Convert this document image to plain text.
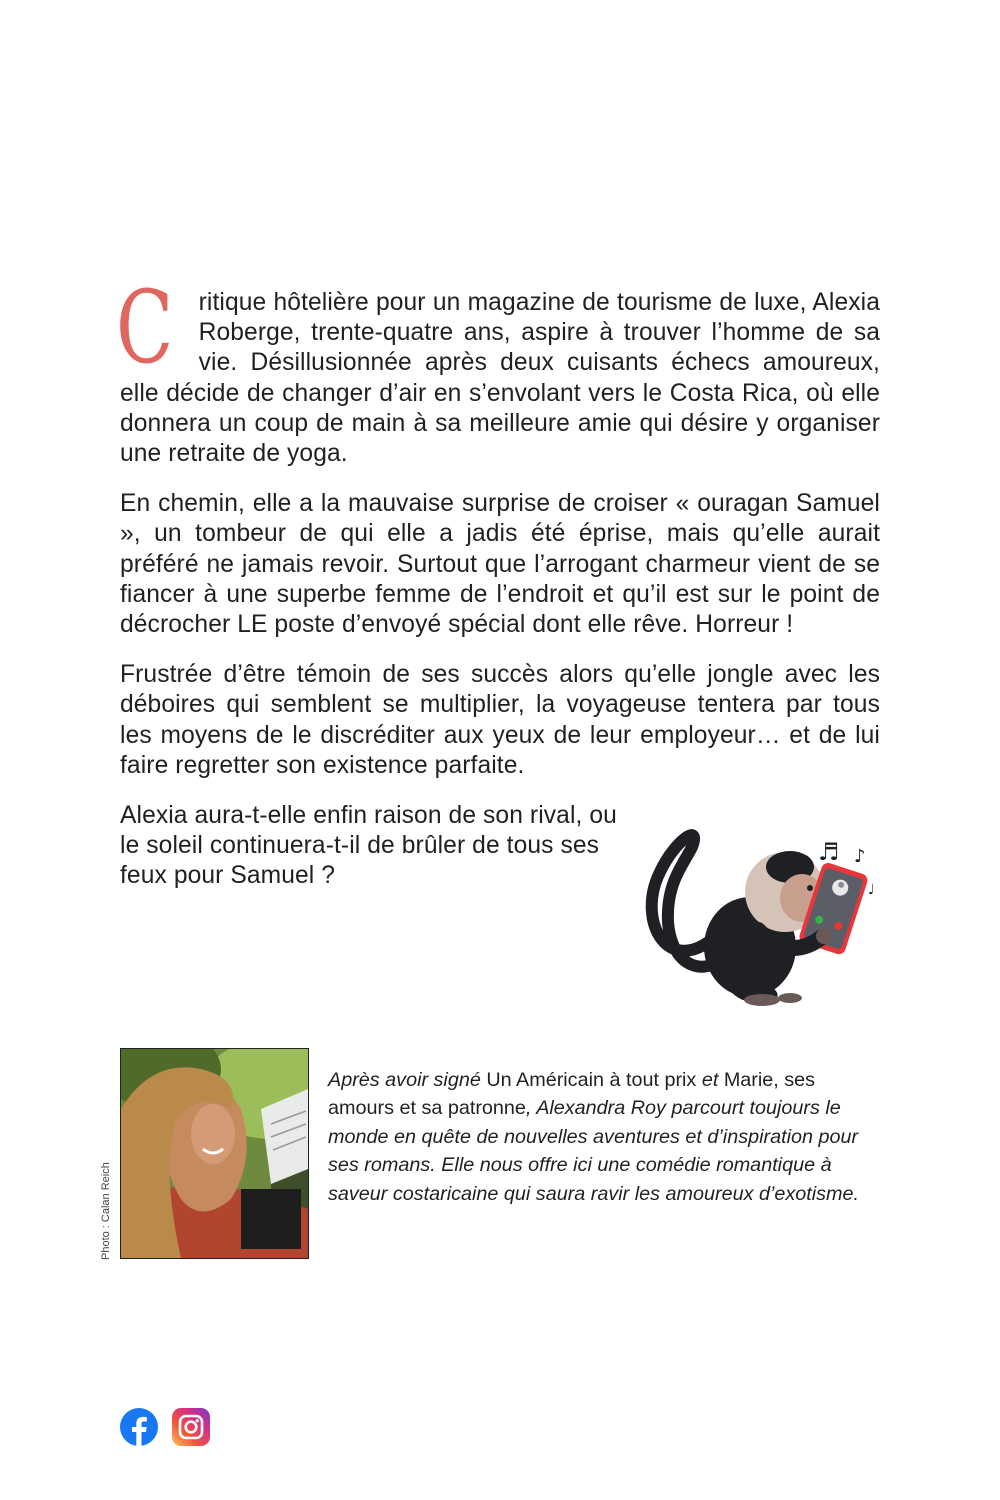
C ritique hôtelière pour un magazine de tourisme de luxe, Alexia Roberge, trente-quatre ans, aspire à trouver l’homme de sa vie. Désillusionnée après deux cuisants échecs amoureux, elle décide de changer d’air en s’envolant vers le Costa Rica, où elle donnera un coup de main à sa meilleure amie qui désire y organiser une retraite de yoga.

En chemin, elle a la mauvaise surprise de croiser « ouragan Samuel », un tombeur de qui elle a jadis été éprise, mais qu’elle aurait préféré ne jamais revoir. Surtout que l’arrogant charmeur vient de se fiancer à une superbe femme de l’endroit et qu’il est sur le point de décrocher LE poste d’envoyé spécial dont elle rêve. Horreur !

Frustrée d’être témoin de ses succès alors qu’elle jongle avec les déboires qui semblent se multiplier, la voyageuse tentera par tous les moyens de le discréditer aux yeux de leur employeur… et de lui faire regretter son existence parfaite.

Alexia aura-t-elle enfin raison de son rival, ou le soleil continuera-t-il de brûler de tous ses feux pour Samuel ?

♬ ♪
♩
Photo : Calan Reich
Après avoir signé Un Américain à tout prix et Marie, ses amours et sa patronne, Alexandra Roy parcourt toujours le monde en quête de nouvelles aventures et d’inspiration pour ses romans. Elle nous offre ici une comédie romantique à saveur costaricaine qui saura ravir les amoureux d’exotisme.
